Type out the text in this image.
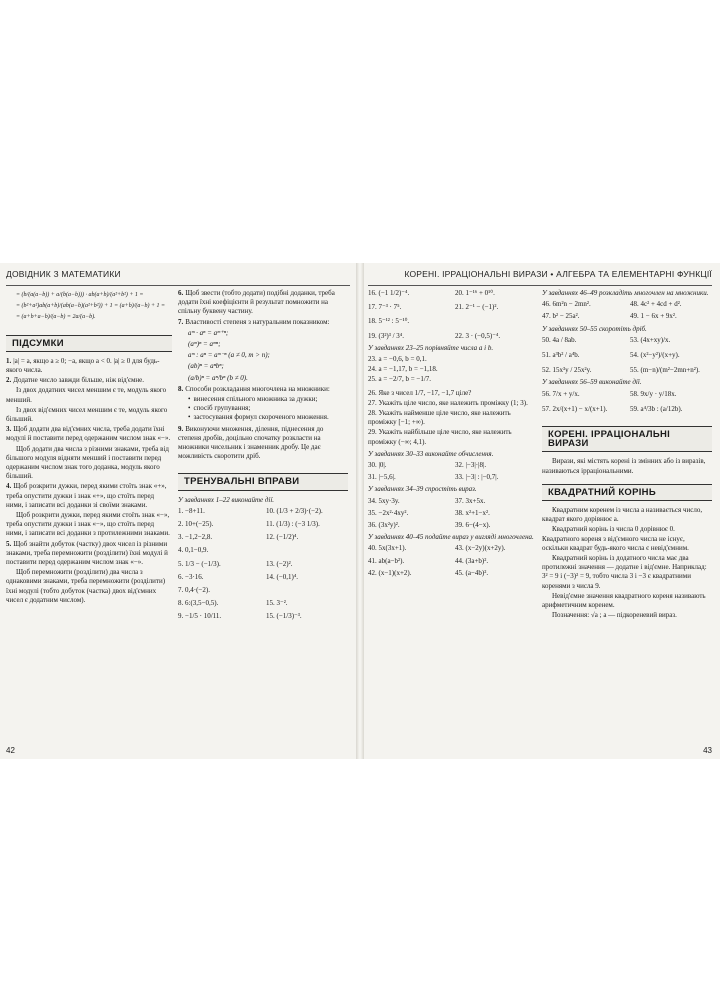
ДОВІДНИК З МАТЕМАТИКИ
= (b/(a(a−b)) + a/(b(a−b))) · ab(a+b)/(a²+b²) + 1 =
= (b²+a²)ab(a+b)/(ab(a−b)(a²+b²)) + 1 = (a+b)/(a−b) + 1 =
= (a+b+a−b)/(a−b) = 2a/(a−b).
ПІДСУМКИ
1. |a| = a, якщо a ≥ 0; −a, якщо a < 0. |a| ≥ 0 для будь-якого числа.
2. Додатне число завжди більше, ніж від'ємне.
Із двох додатних чисел меншим є те, модуль якого менший.
Із двох від'ємних чисел меншим є те, модуль якого більший.
3. Щоб додати два від'ємних числа, треба додати їхні модулі й поставити перед одержаним числом знак «−».
Щоб додати два числа з різними знаками, треба від більшого модуля відняти менший і поставити перед одержаним числом знак того доданка, модуль якого більший.
4. Щоб розкрити дужки, перед якими стоїть знак «+», треба опустити дужки і знак «+», що стоїть перед ними, і записати всі доданки зі своїми знаками.
Щоб розкрити дужки, перед якими стоїть знак «−», треба опустити дужки і знак «−», що стоїть перед ними, і записати всі доданки з протилежними знаками.
5. Щоб знайти добуток (частку) двох чисел із різними знаками, треба перемножити (розділити) їхні модулі й поставити перед одержаним числом знак «−».
Щоб перемножити (розділити) два числа з однаковими знаками, треба перемножити (розділити) їхні модулі (тобто добуток (частка) двох від'ємних чисел є додатним числом).
6. Щоб звести (тобто додати) подібні доданки, треба додати їхні коефіцієнти й результат помножити на спільну буквену частину.
7. Властивості степеня з натуральним показником:
aᵐ · aⁿ = aᵐ⁺ⁿ;
(aᵐ)ⁿ = aᵐⁿ;
aᵐ : aⁿ = aᵐ⁻ⁿ (a ≠ 0, m > n);
(ab)ⁿ = aⁿbⁿ;
(a/b)ⁿ = aⁿ/bⁿ (b ≠ 0).
8. Способи розкладання многочлена на множники:
• винесення спільного множника за дужки;
• спосіб групування;
• застосування формул скороченого множення.
9. Виконуючи множення, ділення, піднесення до степеня дробів, доцільно спочатку розкласти на множники чисельник і знаменник дробу. Це дає можливість скоротити дріб.
ТРЕНУВАЛЬНІ ВПРАВИ
У завданнях 1–22 виконайте дії.
1. −8+11.	10. (1/3 + 2/3)·(−2).
2. 10+(−25).	11. (1/3) : (−3 1/3).
3. −1,2−2,8.	12. (−1/2)⁴.
4. 0,1−0,9.
5. 1/3 − (−1/3).	13. (−2)².
6. −3·16.	14. (−0,1)⁴.
7. 0,4·(−2).
8. 6:(3,5−0,5).	15. 3⁻².
9. −1/5 · 10/11.	15. (−1/3)⁻³.
42
КОРЕНІ. ІРРАЦІОНАЛЬНІ ВИРАЗИ • АЛГЕБРА ТА ЕЛЕМЕНТАРНІ ФУНКЦІЇ
16. (−1 1/2)⁻⁴.	20. 1⁻¹⁶ + 0¹⁰.
17. 7⁻³ · 7⁵.	21. 2⁻¹ − (−1)².
18. 5⁻¹² : 5⁻¹⁰.
19. (3²)³ / 3⁴.	22. 3 · (−0,5)⁻⁴.
У завданнях 23–25 порівняйте числа a і b.
23. a = −0,6, b = 0,1.
24. a = −1,17, b = −1,18.
25. a = −2/7, b = −1/7.
26. Яке з чисел 1/7, −17, −1,7 ціле?
27. Укажіть ціле число, яке належить проміжку (1; 3).
28. Укажіть найменше ціле число, яке належить проміжку [−1; +∞).
29. Укажіть найбільше ціле число, яке належить проміжку (−∞; 4,1).
У завданнях 30–33 виконайте обчислення.
30. |0|.	32. |−3|·|8|.
31. |−5,6|.	33. |−3| : |−0,7|.
У завданнях 34–39 спростіть вираз.
34. 5xy·3y.	37. 3x+5x.
35. −2x²·4xy².	38. x²+1−x².
36. (3x²y)².	39. 6−(4−x).
У завданнях 40–45 подайте вираз у вигляді многочлена.
40. 5x(3x+1).	43. (x−2y)(x+2y).
41. ab(a−b²).	44. (3a+b)².
42. (x−1)(x+2).	45. (a−4b)².
У завданнях 46–49 розкладіть многочлен на множники.
46. 6m²n − 2mn².	48. 4c² + 4cd + d².
47. b² − 25a².	49. 1 − 6x + 9x².
У завданнях 50–55 скоротіть дріб.
50. 4a / 8ab.	53. (4x+xy)/x.
51. a³b² / a⁴b.	54. (x²−y²)/(x+y).
52. 15x³y / 25x²y.	55. (m−n)/(m²−2mn+n²).
У завданнях 56–59 виконайте дії.
56. 7/x + y/x.	58. 9x/y · y/18x.
57. 2x/(x+1) − x/(x+1).	59. a⁴/3b : (a/12b).
КОРЕНІ. ІРРАЦІОНАЛЬНІ ВИРАЗИ
Вирази, які містять корені із змінних або із виразів, називаються ірраціональними.
КВАДРАТНИЙ КОРІНЬ
Квадратним коренем із числа a називається число, квадрат якого дорівнює a.
Квадратний корінь із числа 0 дорівнює 0. Квадратного кореня з від'ємного числа не існує, оскільки квадрат будь-якого числа є невід'ємним.
Квадратний корінь із додатного числа має два протилежні значення — додатне і від'ємне. Наприклад: 3² = 9 і (−3)² = 9, тобто числа 3 і −3 є квадратними коренями з числа 9.
Невід'ємне значення квадратного кореня називають арифметичним коренем.
Позначення: √a ; a — підкореневий вираз.
43
